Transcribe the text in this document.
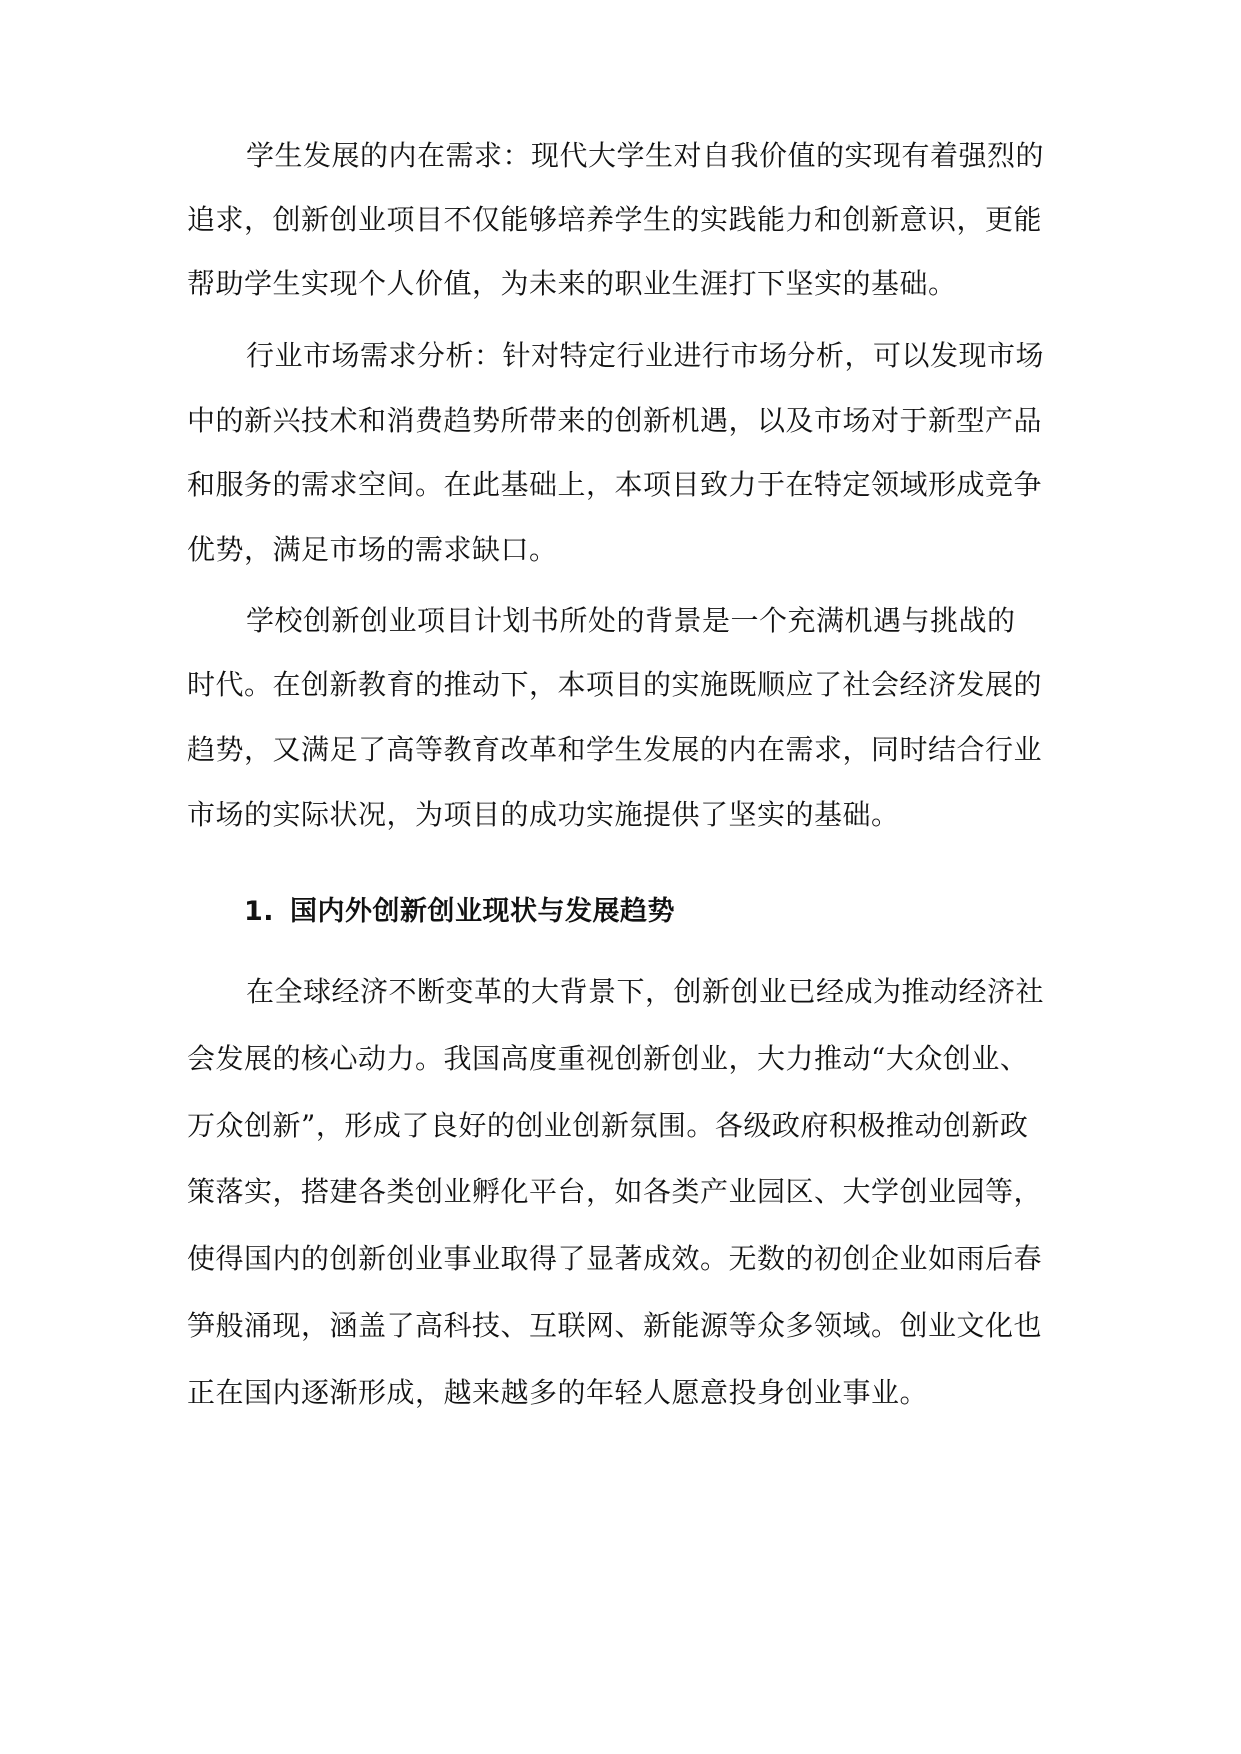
学生发展的内在需求：现代大学生对自我价值的实现有着强烈的
追求，创新创业项目不仅能够培养学生的实践能力和创新意识，更能
帮助学生实现个人价值，为未来的职业生涯打下坚实的基础。
行业市场需求分析：针对特定行业进行市场分析，可以发现市场
中的新兴技术和消费趋势所带来的创新机遇，以及市场对于新型产品
和服务的需求空间。在此基础上，本项目致力于在特定领域形成竞争
优势，满足市场的需求缺口。
学校创新创业项目计划书所处的背景是一个充满机遇与挑战的
时代。在创新教育的推动下，本项目的实施既顺应了社会经济发展的
趋势，又满足了高等教育改革和学生发展的内在需求，同时结合行业
市场的实际状况，为项目的成功实施提供了坚实的基础。
1. 国内外创新创业现状与发展趋势
在全球经济不断变革的大背景下，创新创业已经成为推动经济社
会发展的核心动力。我国高度重视创新创业，大力推动“大众创业、
万众创新”，形成了良好的创业创新氛围。各级政府积极推动创新政
策落实，搭建各类创业孵化平台，如各类产业园区、大学创业园等，
使得国内的创新创业事业取得了显著成效。无数的初创企业如雨后春
笋般涌现，涵盖了高科技、互联网、新能源等众多领域。创业文化也
正在国内逐渐形成，越来越多的年轻人愿意投身创业事业。
